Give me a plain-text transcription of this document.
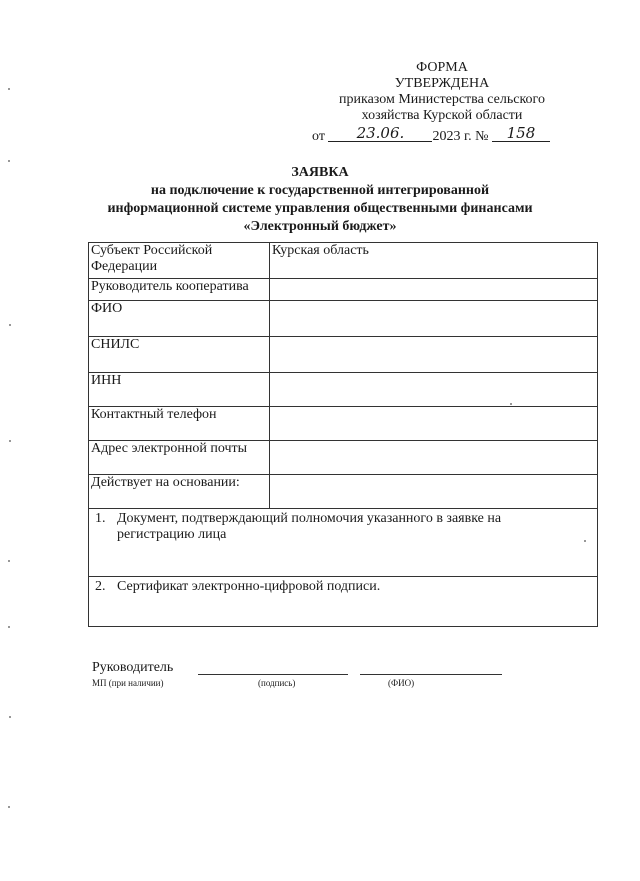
ФОРМА
УТВЕРЖДЕНА
приказом Министерства сельского
хозяйства Курской области
от 23.06. 2023 г. № 158
ЗАЯВКА
на подключение к государственной интегрированной
информационной системе управления общественными финансами
«Электронный бюджет»
Субъект Российской Федерации	Курская область
Руководитель кооператива	
ФИО	
СНИЛС	
ИНН	
Контактный телефон	
Адрес электронной почты	
Действует на основании:	
1. Документ, подтверждающий полномочия указанного в заявке на регистрацию лица	
2. Сертификат электронно-цифровой подписи.	
Руководитель
МП (при наличии)	(подпись)	(ФИО)
